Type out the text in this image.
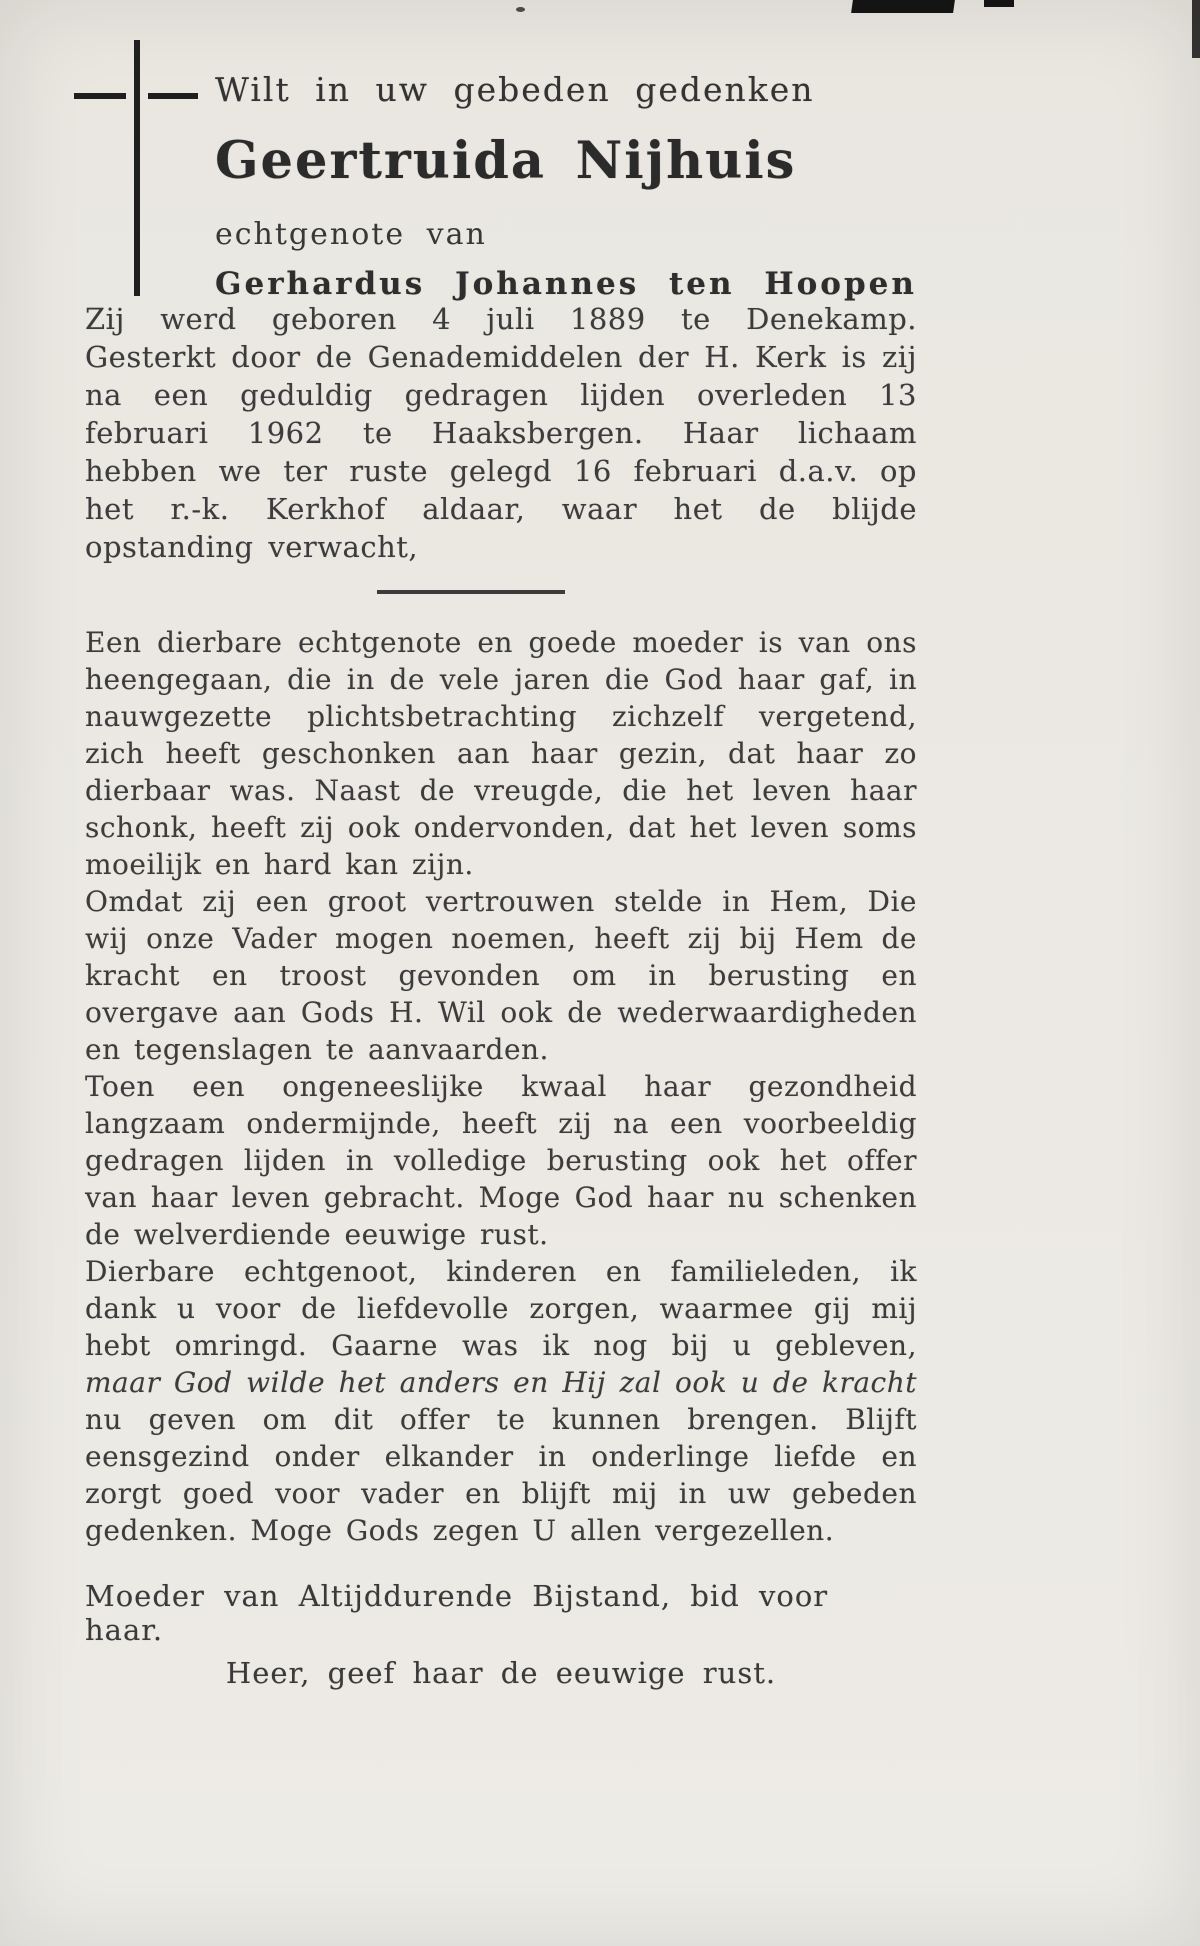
Wilt in uw gebeden gedenken
Geertruida Nijhuis
echtgenote van
Gerhardus Johannes ten Hoopen

Zij werd geboren 4 juli 1889 te Denekamp. Gesterkt door de Genademiddelen der H. Kerk is zij na een geduldig gedragen lijden overleden 13 februari 1962 te Haaksbergen. Haar lichaam hebben we ter ruste gelegd 16 februari d.a.v. op het r.-k. Kerkhof aldaar, waar het de blijde opstanding verwacht,

Een dierbare echtgenote en goede moeder is van ons heengegaan, die in de vele jaren die God haar gaf, in nauwgezette plichtsbetrachting zichzelf vergetend, zich heeft geschonken aan haar gezin, dat haar zo dierbaar was. Naast de vreugde, die het leven haar schonk, heeft zij ook ondervonden, dat het leven soms moeilijk en hard kan zijn.

Omdat zij een groot vertrouwen stelde in Hem, Die wij onze Vader mogen noemen, heeft zij bij Hem de kracht en troost gevonden om in berusting en overgave aan Gods H. Wil ook de wederwaardigheden en tegenslagen te aanvaarden.

Toen een ongeneeslijke kwaal haar gezondheid langzaam ondermijnde, heeft zij na een voorbeeldig gedragen lijden in volledige berusting ook het offer van haar leven gebracht. Moge God haar nu schenken de welverdiende eeuwige rust.

Dierbare echtgenoot, kinderen en familieleden, ik dank u voor de liefdevolle zorgen, waarmee gij mij hebt omringd. Gaarne was ik nog bij u gebleven, maar God wilde het anders en Hij zal ook u de kracht nu geven om dit offer te kunnen brengen. Blijft eensgezind onder elkander in onderlinge liefde en zorgt goed voor vader en blijft mij in uw gebeden gedenken. Moge Gods zegen U allen vergezellen.

Moeder van Altijddurende Bijstand, bid voor haar.
Heer, geef haar de eeuwige rust.
